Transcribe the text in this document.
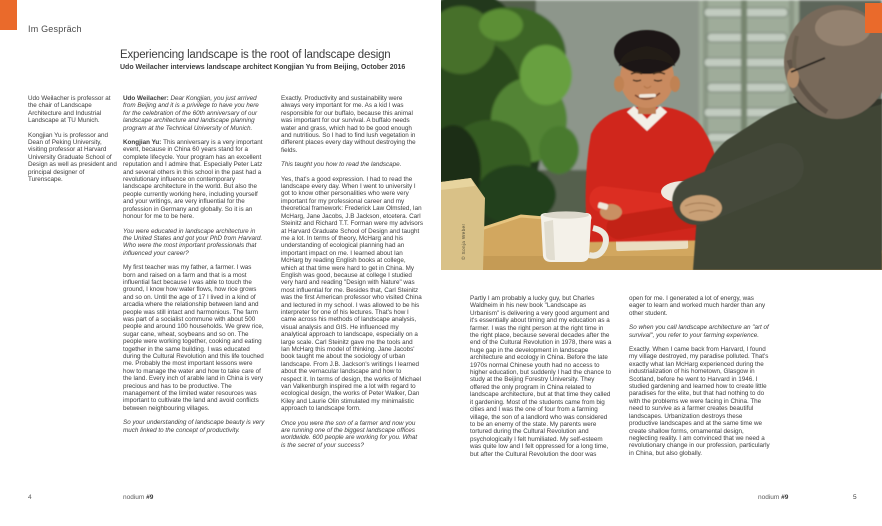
Im Gespräch
Experiencing landscape is the root of landscape design
Udo Weilacher interviews landscape architect Kongjian Yu from Beijing, October 2016

Udo Weilacher is professor at the chair of Landscape Architecture and Industrial Landscape at TU Munich.

Kongjian Yu is professor and Dean of Peking University, visiting professor at Harvard University Graduate School of Design as well as president and principal designer of Turenscape.

Udo Weilacher: Dear Kongjian, you just arrived from Beijing and it is a privilege to have you here for the celebration of the 60th anniversary of our landscape architecture and landscape planning program at the Technical University of Munich.

Kongjian Yu: This anniversary is a very important event, because in China 60 years stand for a complete lifecycle. Your program has an excellent reputation and I admire that. Especially Peter Latz and several others in this school in the past had a revolutionary influence on contemporary landscape architecture in the world. But also the people currently working here, including yourself and your writings, are very influential for the profession in Germany and globally. So it is an honour for me to be here.

You were educated in landscape architecture in the United States and got your PhD from Harvard. Who were the most important professionals that influenced your career?

My first teacher was my father, a farmer. I was born and raised on a farm and that is a most influential fact because I was able to touch the ground, I know how water flows, how rice grows and so on. Until the age of 17 I lived in a kind of arcadia where the relationship between land and people was still intact and harmonious. The farm was part of a socialist commune with about 500 people and around 100 households. We grew rice, sugar cane, wheat, soybeans and so on. The people were working together, cooking and eating together in the same building. I was educated during the Cultural Revolution and this life touched me. Probably the most important lessons were how to manage the water and how to take care of the land. Every inch of arable land in China is very precious and has to be productive. The management of the limited water resources was important to cultivate the land and avoid conflicts between neighbouring villages.

So your understanding of landscape beauty is very much linked to the concept of productivity.

Exactly. Productivity and sustainability were always very important for me. As a kid I was responsible for our buffalo, because this animal was important for our survival. A buffalo needs water and grass, which had to be good enough and nutritious. So I had to find lush vegetation in different places every day without destroying the fields.

This taught you how to read the landscape.

Yes, that's a good expression. I had to read the landscape every day. When I went to university I got to know other personalities who were very important for my professional career and my theoretical framework: Frederick Law Olmsted, Ian McHarg, Jane Jacobs, J.B Jackson, etcetera. Carl Steinitz and Richard T.T. Forman were my advisors at Harvard Graduate School of Design and taught me a lot. In terms of theory, McHarg and his understanding of ecological planning had an important impact on me. I learned about Ian McHarg by reading English books at college, which at that time were hard to get in China. My English was good, because at college I studied very hard and reading "Design with Nature" was most influential for me. Besides that, Carl Steinitz was the first American professor who visited China and lectured in my school. I was allowed to be his interpreter for one of his lectures. That's how I came across his methods of landscape analysis, visual analysis and GIS. He influenced my analytical approach to landscape, especially on a large scale. Carl Steinitz gave me the tools and Ian McHarg this model of thinking. Jane Jacobs' book taught me about the sociology of urban landscape. From J.B. Jackson's writings I learned about the vernacular landscape and how to respect it. In terms of design, the works of Michael van Valkenburgh inspired me a lot with regard to ecological design, the works of Peter Walker, Dan Kiley and Laurie Olin stimulated my minimalistic approach to landscape form.

Once you were the son of a farmer and now you are running one of the biggest landscape offices worldwide. 600 people are working for you. What is the secret of your success?

4	nodium #9
© Sonja Weber

Partly I am probably a lucky guy, but Charles Waldheim in his new book "Landscape as Urbanism" is delivering a very good argument and it's essentially about timing and my education as a farmer. I was the right person at the right time in the right place, because several decades after the end of the Cultural Revolution in 1978, there was a huge gap in the development in landscape architecture and ecology in China. Before the late 1970s normal Chinese youth had no access to higher education, but suddenly I had the chance to study at the Beijing Forestry University. They offered the only program in China related to landscape architecture, but at that time they called it gardening. Most of the students came from big cities and I was the one of four from a farming village, the son of a landlord who was considered to be an enemy of the state. My parents were tortured during the Cultural Revolution and psychologically I felt humiliated. My self-esteem was quite low and I felt oppressed for a long time, but after the Cultural Revolution the door was

open for me. I generated a lot of energy, was eager to learn and worked much harder than any other student.

So when you call landscape architecture an "art of survival", you refer to your farming experience.

Exactly. When I came back from Harvard, I found my village destroyed, my paradise polluted. That's exactly what Ian McHarg experienced during the industrialization of his hometown, Glasgow in Scotland, before he went to Harvard in 1946. I studied gardening and learned how to create little paradises for the elite, but that had nothing to do with the problems we were facing in China. The need to survive as a farmer creates beautiful landscapes. Urbanization destroys these productive landscapes and at the same time we create shallow forms, ornamental design, neglecting reality. I am convinced that we need a revolutionary change in our profession, particularly in China, but also globally.

nodium #9	5
